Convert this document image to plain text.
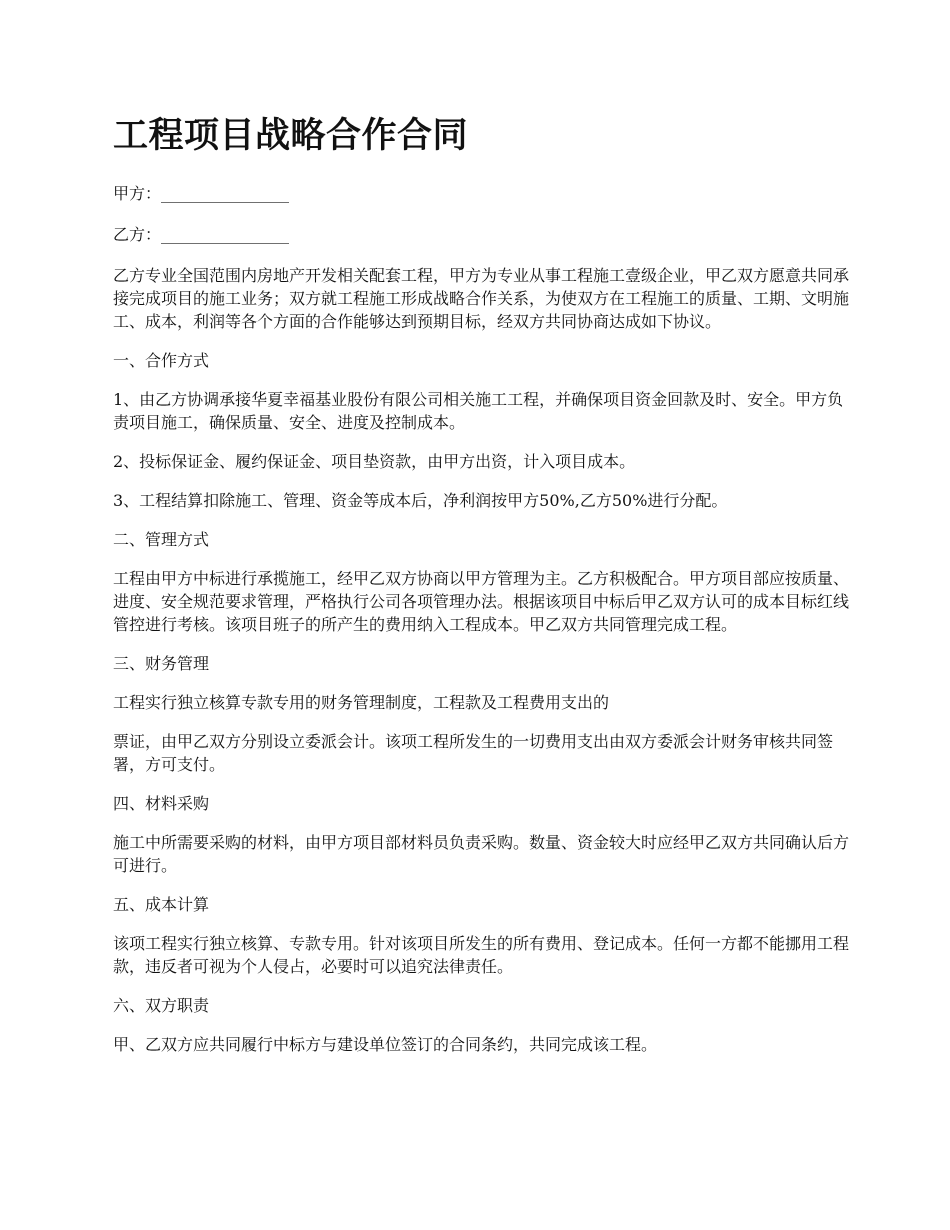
工程项目战略合作合同

甲方：________________

乙方：________________

乙方专业全国范围内房地产开发相关配套工程，甲方为专业从事工程施工壹级企业，甲乙双方愿意共同承接完成项目的施工业务；双方就工程施工形成战略合作关系，为使双方在工程施工的质量、工期、文明施工、成本，利润等各个方面的合作能够达到预期目标，经双方共同协商达成如下协议。

一、合作方式

1、由乙方协调承接华夏幸福基业股份有限公司相关施工工程，并确保项目资金回款及时、安全。甲方负责项目施工，确保质量、安全、进度及控制成本。

2、投标保证金、履约保证金、项目垫资款，由甲方出资，计入项目成本。

3、工程结算扣除施工、管理、资金等成本后，净利润按甲方50%,乙方50%进行分配。

二、管理方式

工程由甲方中标进行承揽施工，经甲乙双方协商以甲方管理为主。乙方积极配合。甲方项目部应按质量、进度、安全规范要求管理，严格执行公司各项管理办法。根据该项目中标后甲乙双方认可的成本目标红线管控进行考核。该项目班子的所产生的费用纳入工程成本。甲乙双方共同管理完成工程。

三、财务管理

工程实行独立核算专款专用的财务管理制度，工程款及工程费用支出的

票证，由甲乙双方分别设立委派会计。该项工程所发生的一切费用支出由双方委派会计财务审核共同签署，方可支付。

四、材料采购

施工中所需要采购的材料，由甲方项目部材料员负责采购。数量、资金较大时应经甲乙双方共同确认后方可进行。

五、成本计算

该项工程实行独立核算、专款专用。针对该项目所发生的所有费用、登记成本。任何一方都不能挪用工程款，违反者可视为个人侵占，必要时可以追究法律责任。

六、双方职责

甲、乙双方应共同履行中标方与建设单位签订的合同条约，共同完成该工程。
